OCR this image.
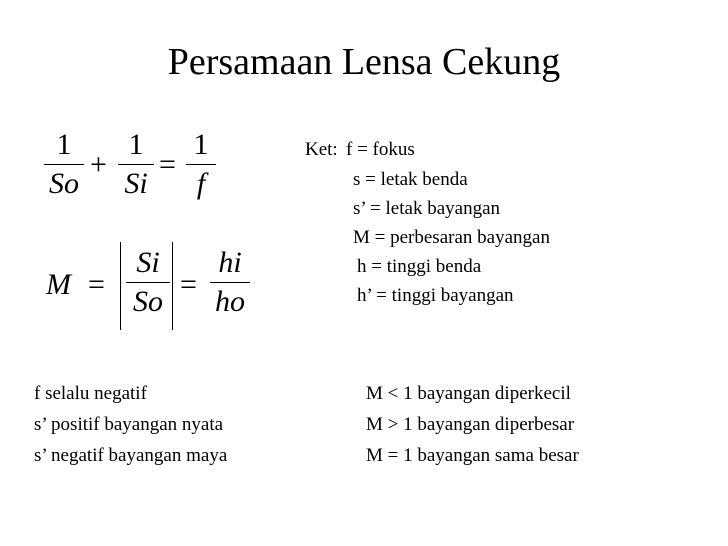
Persamaan Lensa Cekung
1
So
+
1
Si
=
1
f
M =
Si
So
=
hi
ho
Ket: f = fokus
s = letak benda
s’ = letak bayangan
M = perbesaran bayangan
h = tinggi benda
h’ = tinggi bayangan
f selalu negatif
s’ positif bayangan nyata
s’ negatif bayangan maya
M < 1 bayangan diperkecil
M > 1 bayangan diperbesar
M = 1 bayangan sama besar
